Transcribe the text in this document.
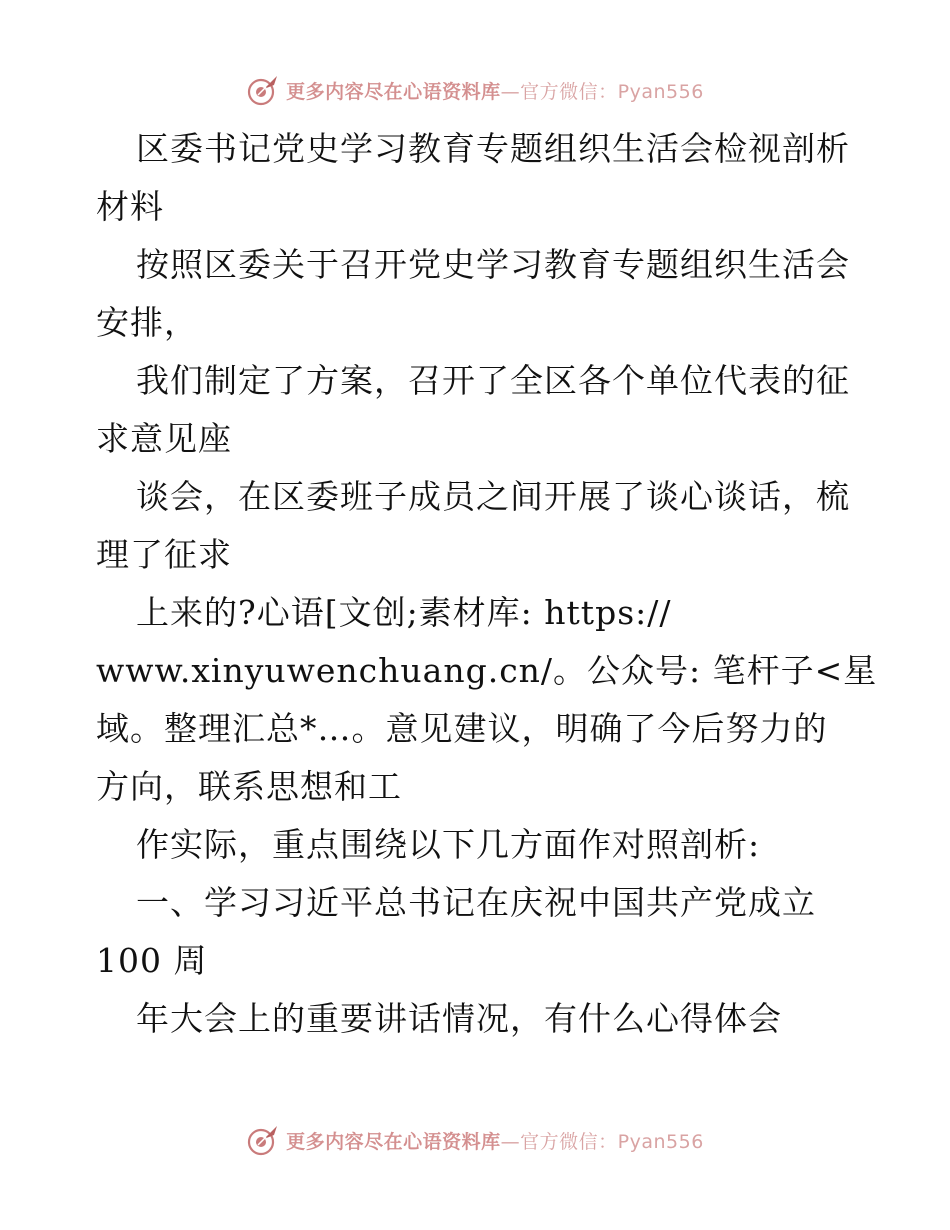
更多内容尽在心语资料库—官方微信：Pyan556
区委书记党史学习教育专题组织生活会检视剖析
材料
按照区委关于召开党史学习教育专题组织生活会
安排，
我们制定了方案，召开了全区各个单位代表的征
求意见座
谈会，在区委班子成员之间开展了谈心谈话，梳
理了征求
上来的?心语[文创;素材库: https://
www.xinyuwenchuang.cn/。公众号: 笔杆子<星
域。整理汇总*…。意见建议，明确了今后努力的
方向，联系思想和工
作实际，重点围绕以下几方面作对照剖析:
一、学习习近平总书记在庆祝中国共产党成立
100 周
年大会上的重要讲话情况，有什么心得体会
更多内容尽在心语资料库—官方微信：Pyan556
